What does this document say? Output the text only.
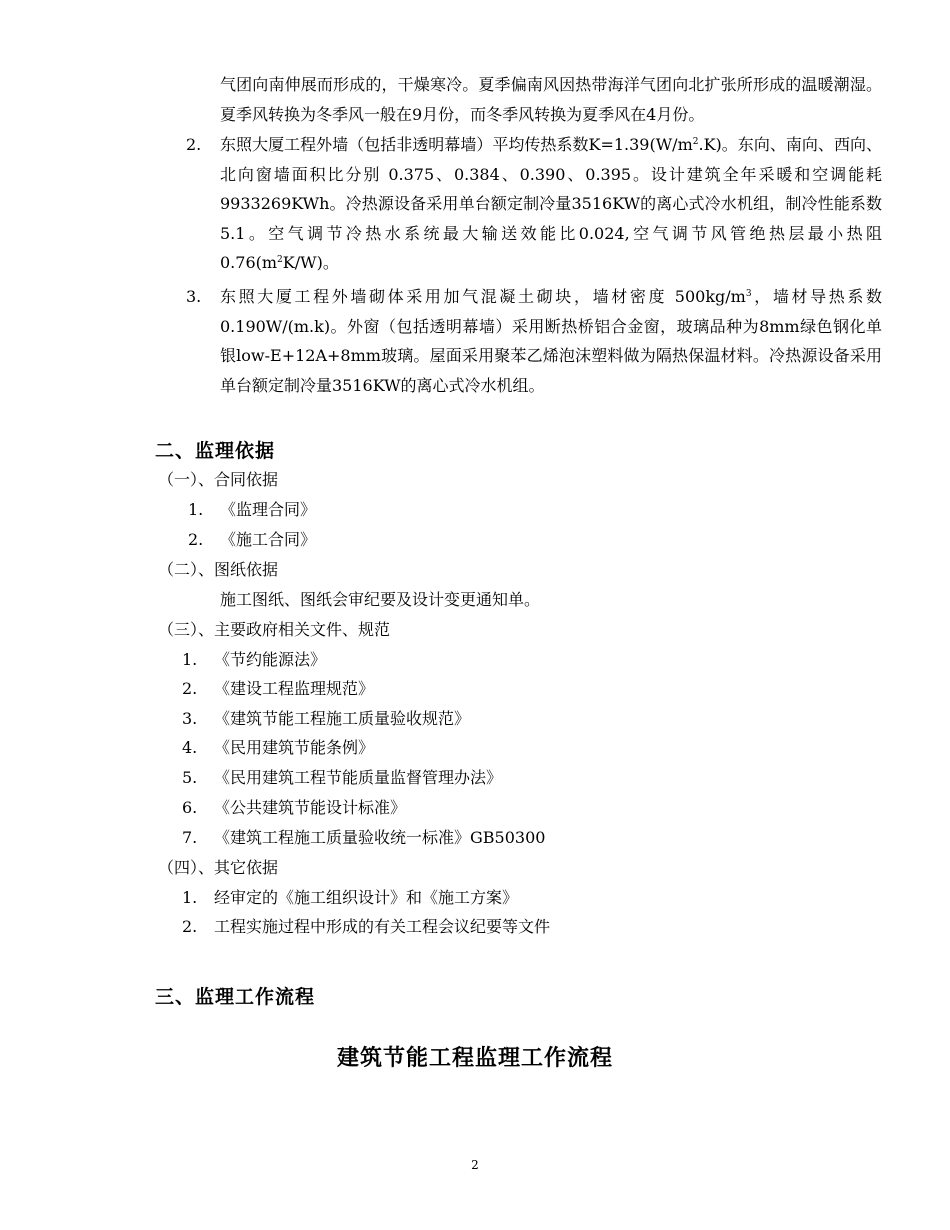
气团向南伸展而形成的，干燥寒冷。夏季偏南风因热带海洋气团向北扩张所形成的温暖潮湿。夏季风转换为冬季风一般在9月份，而冬季风转换为夏季风在4月份。
2.	东照大厦工程外墙（包括非透明幕墙）平均传热系数$K=1.39(W/m^2.K)$。东向、南向、西向、北向窗墙面积比分别 0.375、0.384、0.390、0.395。设计建筑全年采暖和空调能耗9933269KWh。冷热源设备采用单台额定制冷量3516KW的离心式冷水机组，制冷性能系数5.1。空气调节冷热水系统最大输送效能比0.024,空气调节风管绝热层最小热阻$0.76(m^2K/W)$。
3.	东照大厦工程外墙砌体采用加气混凝土砌块，墙材密度 $500kg/m^3$，墙材导热系数0.190W/(m.k)。外窗（包括透明幕墙）采用断热桥铝合金窗，玻璃品种为8mm绿色钢化单银low-E+12A+8mm玻璃。屋面采用聚苯乙烯泡沫塑料做为隔热保温材料。冷热源设备采用单台额定制冷量3516KW的离心式冷水机组。
二、监理依据
（一）、合同依据
1. 《监理合同》
2. 《施工合同》
（二）、图纸依据
施工图纸、图纸会审纪要及设计变更通知单。
（三）、主要政府相关文件、规范
1. 《节约能源法》
2. 《建设工程监理规范》
3. 《建筑节能工程施工质量验收规范》
4. 《民用建筑节能条例》
5. 《民用建筑工程节能质量监督管理办法》
6. 《公共建筑节能设计标准》
7. 《建筑工程施工质量验收统一标准》GB50300
（四）、其它依据
1. 经审定的《施工组织设计》和《施工方案》
2. 工程实施过程中形成的有关工程会议纪要等文件
三、监理工作流程
建筑节能工程监理工作流程
2
